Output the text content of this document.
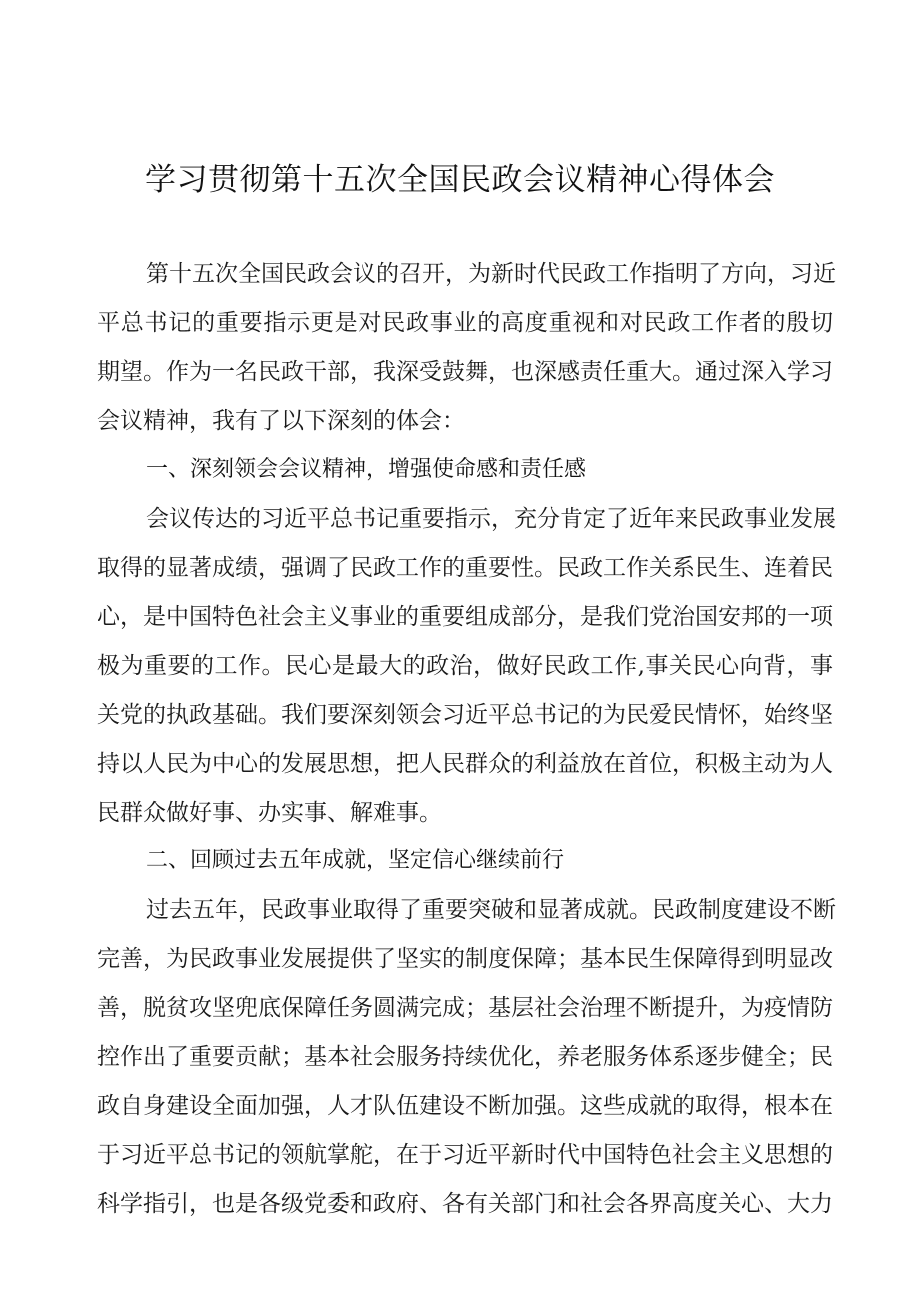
学习贯彻第十五次全国民政会议精神心得体会
第十五次全国民政会议的召开，为新时代民政工作指明了方向，习近
平总书记的重要指示更是对民政事业的高度重视和对民政工作者的殷切
期望。作为一名民政干部，我深受鼓舞，也深感责任重大。通过深入学习
会议精神，我有了以下深刻的体会：
一、深刻领会会议精神，增强使命感和责任感
会议传达的习近平总书记重要指示，充分肯定了近年来民政事业发展
取得的显著成绩，强调了民政工作的重要性。民政工作关系民生、连着民
心，是中国特色社会主义事业的重要组成部分，是我们党治国安邦的一项
极为重要的工作。民心是最大的政治，做好民政工作,事关民心向背，事
关党的执政基础。我们要深刻领会习近平总书记的为民爱民情怀，始终坚
持以人民为中心的发展思想，把人民群众的利益放在首位，积极主动为人
民群众做好事、办实事、解难事。
二、回顾过去五年成就，坚定信心继续前行
过去五年，民政事业取得了重要突破和显著成就。民政制度建设不断
完善，为民政事业发展提供了坚实的制度保障；基本民生保障得到明显改
善，脱贫攻坚兜底保障任务圆满完成；基层社会治理不断提升，为疫情防
控作出了重要贡献；基本社会服务持续优化，养老服务体系逐步健全；民
政自身建设全面加强，人才队伍建设不断加强。这些成就的取得，根本在
于习近平总书记的领航掌舵，在于习近平新时代中国特色社会主义思想的
科学指引，也是各级党委和政府、各有关部门和社会各界高度关心、大力
